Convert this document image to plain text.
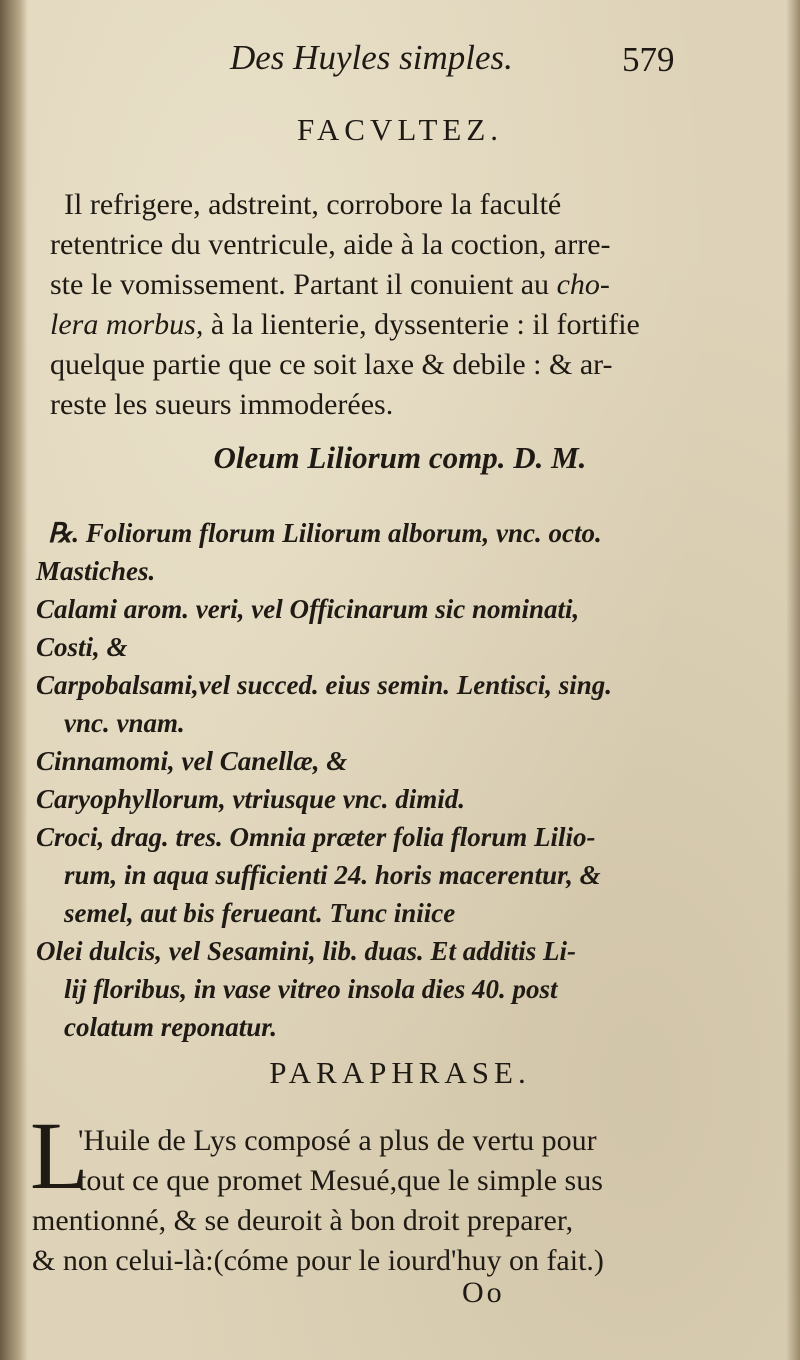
Des Huyles simples.	579
FACVLTEZ.
Il refrigere, adstreint, corrobore la faculté
retentrice du ventricule, aide à la coction, arre-
ste le vomissement. Partant il conuient au cho-
lera morbus, à la lienterie, dyssenterie : il fortifie
quelque partie que ce soit laxe & debile : & ar-
reste les sueurs immoderées.
Oleum Liliorum comp. D. M.
℞. Foliorum florum Liliorum alborum, vnc. octo.
Mastiches.
Calami arom. veri, vel Officinarum sic nominati,
Costi, &
Carpobalsami,vel succed. eius semin. Lentisci, sing.
vnc. vnam.
Cinnamomi, vel Canellæ, &
Caryophyllorum, vtriusque vnc. dimid.
Croci, drag. tres. Omnia præter folia florum Lilio-
rum, in aqua sufficienti 24. horis macerentur, &
semel, aut bis ferueant. Tunc iniice
Olei dulcis, vel Sesamini, lib. duas. Et additis Li-
lij floribus, in vase vitreo insola dies 40. post
colatum reponatur.
PARAPHRASE.
L
'Huile de Lys composé a plus de vertu pour
tout ce que promet Mesué,que le simple sus
mentionné, & se deuroit à bon droit preparer,
& non celui-là:(cóme pour le iourd'huy on fait.)
Oo
